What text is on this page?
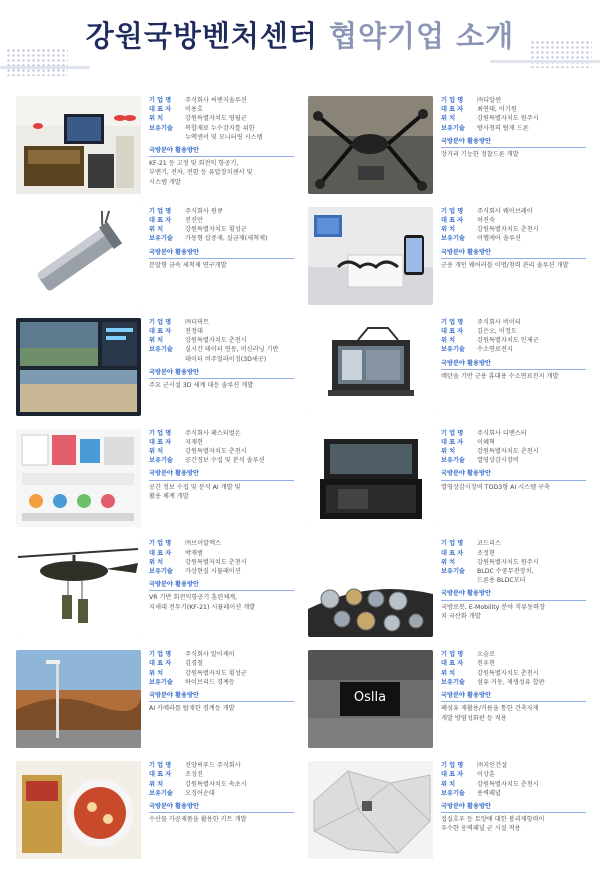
강원국방벤처센터 협약기업 소개
기 업 명	주식회사 씨엔지솔루션
대 표 자	이용호
위 치	강원특별자치도 영월군
보유기술	복합재료 누수감지를 위한
누액센서 및 모니터링 시스템
국방분야 활용방안
KF-21 등 고정 및 회전익 항공기,
부엔기, 전차, 전함 등 유압장치센서 및
시스템 개발
기 업 명	㈜디알윈
대 표 자	최연태, 이기원
위 치	강원특별자치도 원주시
보유기술	방사청의 탑재 드론
국방분야 활용방안
장거리 기능한 정찰드론 개발
기 업 명	주식회사 원큐
대 표 자	전진만
위 치	강원특별자치도 횡성군
보유기술	가동형 삽중재, 실금재(세척제)
국방분야 활용방안
분말형 금속 세척제 연구개발
기 업 명	주식회사 웨이브레이
대 표 자	허진숙
위 치	강원특별자치도 춘천시
보유기술	이헬케어 솔루션
국방분야 활용방안
군용 개인 웨어러블 이명/청력 관리 솔루션 개발
기 업 명	㈜더픽트
대 표 자	전정대
위 치	강원특별자치도 춘천시
보유기술	실시간 데이터 연동, 머신러닝 기반
데이터 비주얼라이징(3D세공)
국방분야 활용방안
주요 군시설 3D 세계 대응 솔루션 개발
기 업 명	주식회사 비이티
대 표 자	김은오, 이정도
위 치	강원특별자치도 인제군
보유기술	수소연료전지
국방분야 활용방안
메탄올 기반 군용 휴대용 수소연료전지 개발
기 업 명	주식회사 페스티벌온
대 표 자	지재헌
위 치	강원특별자치도 춘천시
보유기술	공간정보 수집 및 분석 솔루션
국방분야 활용방안
공간 정보 수집 및 분석 AI 개발 및
활용 체계 개발
기 업 명	주식회사 디맨스터
대 표 자	이혜혁
위 치	강원특별자치도 춘천시
보유기술	열영상감시장비
국방분야 활용방안
열영상감시장비 TOD3형 AI 시스템 구축
기 업 명	㈜브이알액스
대 표 자	박재범
위 치	강원특별자치도 춘천시
보유기술	가상현실 시뮬레이션
국방분야 활용방안
VR 기반 회전익항공기 훈련체계,
지세대 전투기(KF-21) 시뮬레이션 개발
기 업 명	코드리스
대 표 자	조정현
위 치	강원특별자치도 원주시
보유기술	BLDC 수중무전장치,
드론용 BLDC모터
국방분야 활용방안
국방로봇, E-Mobility 분야 직류동력장
치 국산화 개발
기 업 명	주식회사 알이케이
대 표 자	김경철
위 치	강원특별자치도 횡성군
보유기술	하이브리드 경계등
국방분야 활용방안
AI 카메라를 탑재한 경계등 개발
Oslla
기 업 명	오슬로
대 표 자	전우현
위 치	강원특별자치도 춘천시
보유기술	섬유 거동, 재생성유 합판
국방분야 활용방안
폐섬유 재활용/거름을 통한 건축자재
개발 방염성화판 등 적용
기 업 명	진양씨푸드 주식회사
대 표 자	조성진
위 치	강원특별자치도 속초시
보유기술	오징어순대
국방분야 활용방안
수산물 가공제품을 활용한 키트 개발
기 업 명	㈜지인건설
대 표 자	이상훈
위 치	강원특별자치도 춘천시
보유기술	용벽패널
국방분야 활용방안
집실호우 등 토양에 대한 붕괴재항력이
우수한 옹벽패널 군 시설 적용
